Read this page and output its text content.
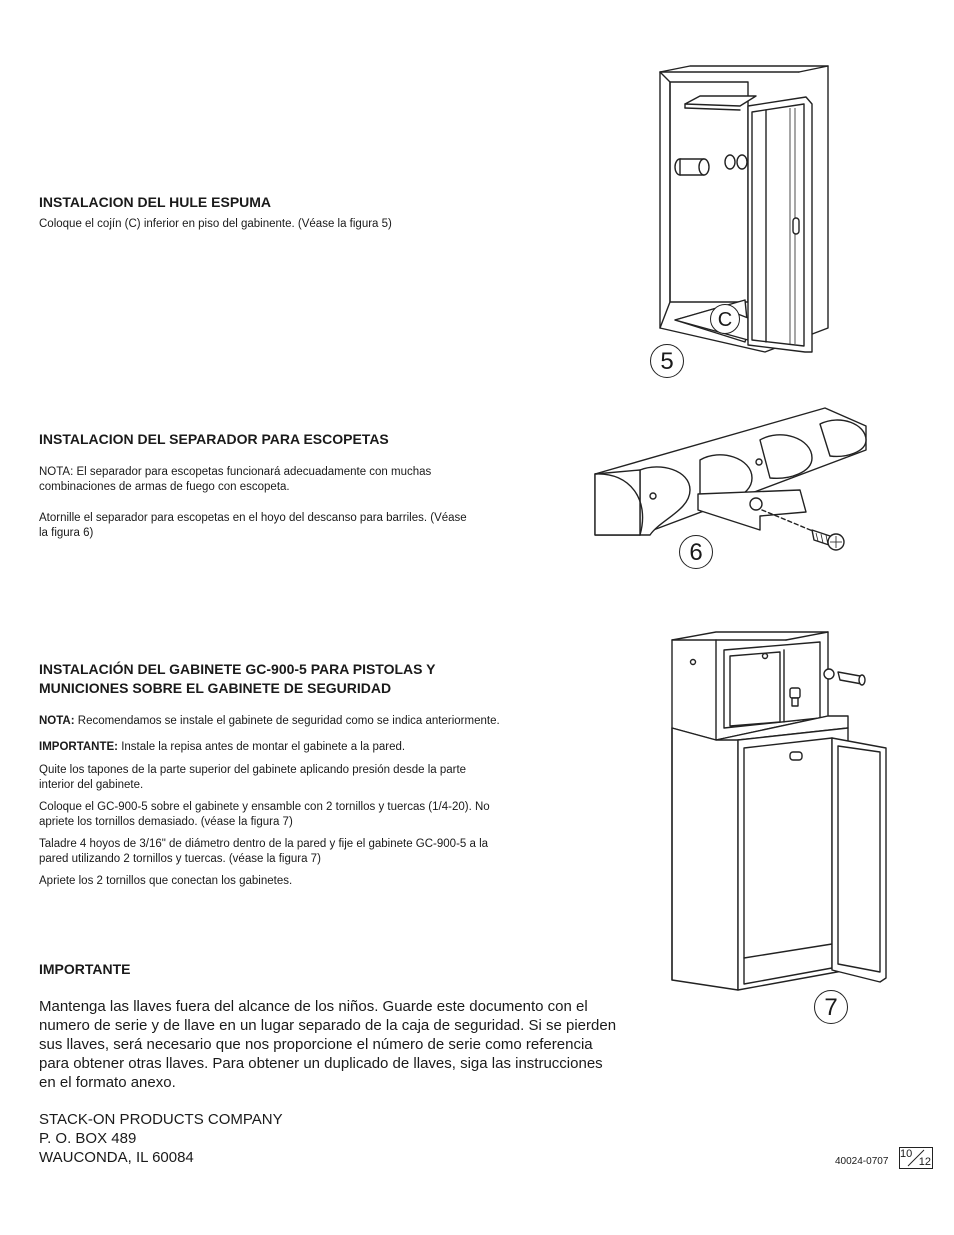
INSTALACION DEL HULE ESPUMA
Coloque el cojín (C) inferior en piso del gabinente. (Véase la figura 5)
C
5
INSTALACION DEL SEPARADOR PARA ESCOPETAS
NOTA: El separador para escopetas funcionará adecuadamente con muchas
combinaciones de armas de fuego con escopeta.
Atornille el separador para escopetas en el hoyo del descanso para barriles. (Véase
la figura 6)
6
INSTALACIÓN DEL GABINETE GC-900-5 PARA PISTOLAS Y
MUNICIONES SOBRE EL GABINETE DE SEGURIDAD

NOTA: Recomendamos se instale el gabinete de seguridad como se indica anteriormente.

IMPORTANTE: Instale la repisa antes de montar el gabinete a la pared.

Quite los tapones de la parte superior del gabinete aplicando presión desde la parte
interior del gabinete.

Coloque el GC-900-5 sobre el gabinete y ensamble con 2 tornillos y tuercas (1/4-20). No
apriete los tornillos demasiado. (véase la figura 7)

Taladre 4 hoyos de 3/16" de diámetro dentro de la pared y fije el gabinete GC-900-5 a la
pared utilizando 2 tornillos y tuercas. (véase la figura 7)

Apriete los 2 tornillos que conectan los gabinetes.

7
IMPORTANTE
Mantenga las llaves fuera del alcance de los niños. Guarde este documento con el
numero de serie y de llave en un lugar separado de la caja de seguridad. Si se pierden
sus llaves, será necesario que nos proporcione el número de serie como referencia
para obtener otras llaves. Para obtener un duplicado de llaves, siga las instrucciones
en el formato anexo.
STACK-ON PRODUCTS COMPANY
P. O. BOX 489
WAUCONDA, IL 60084	40024-0707
10
12
